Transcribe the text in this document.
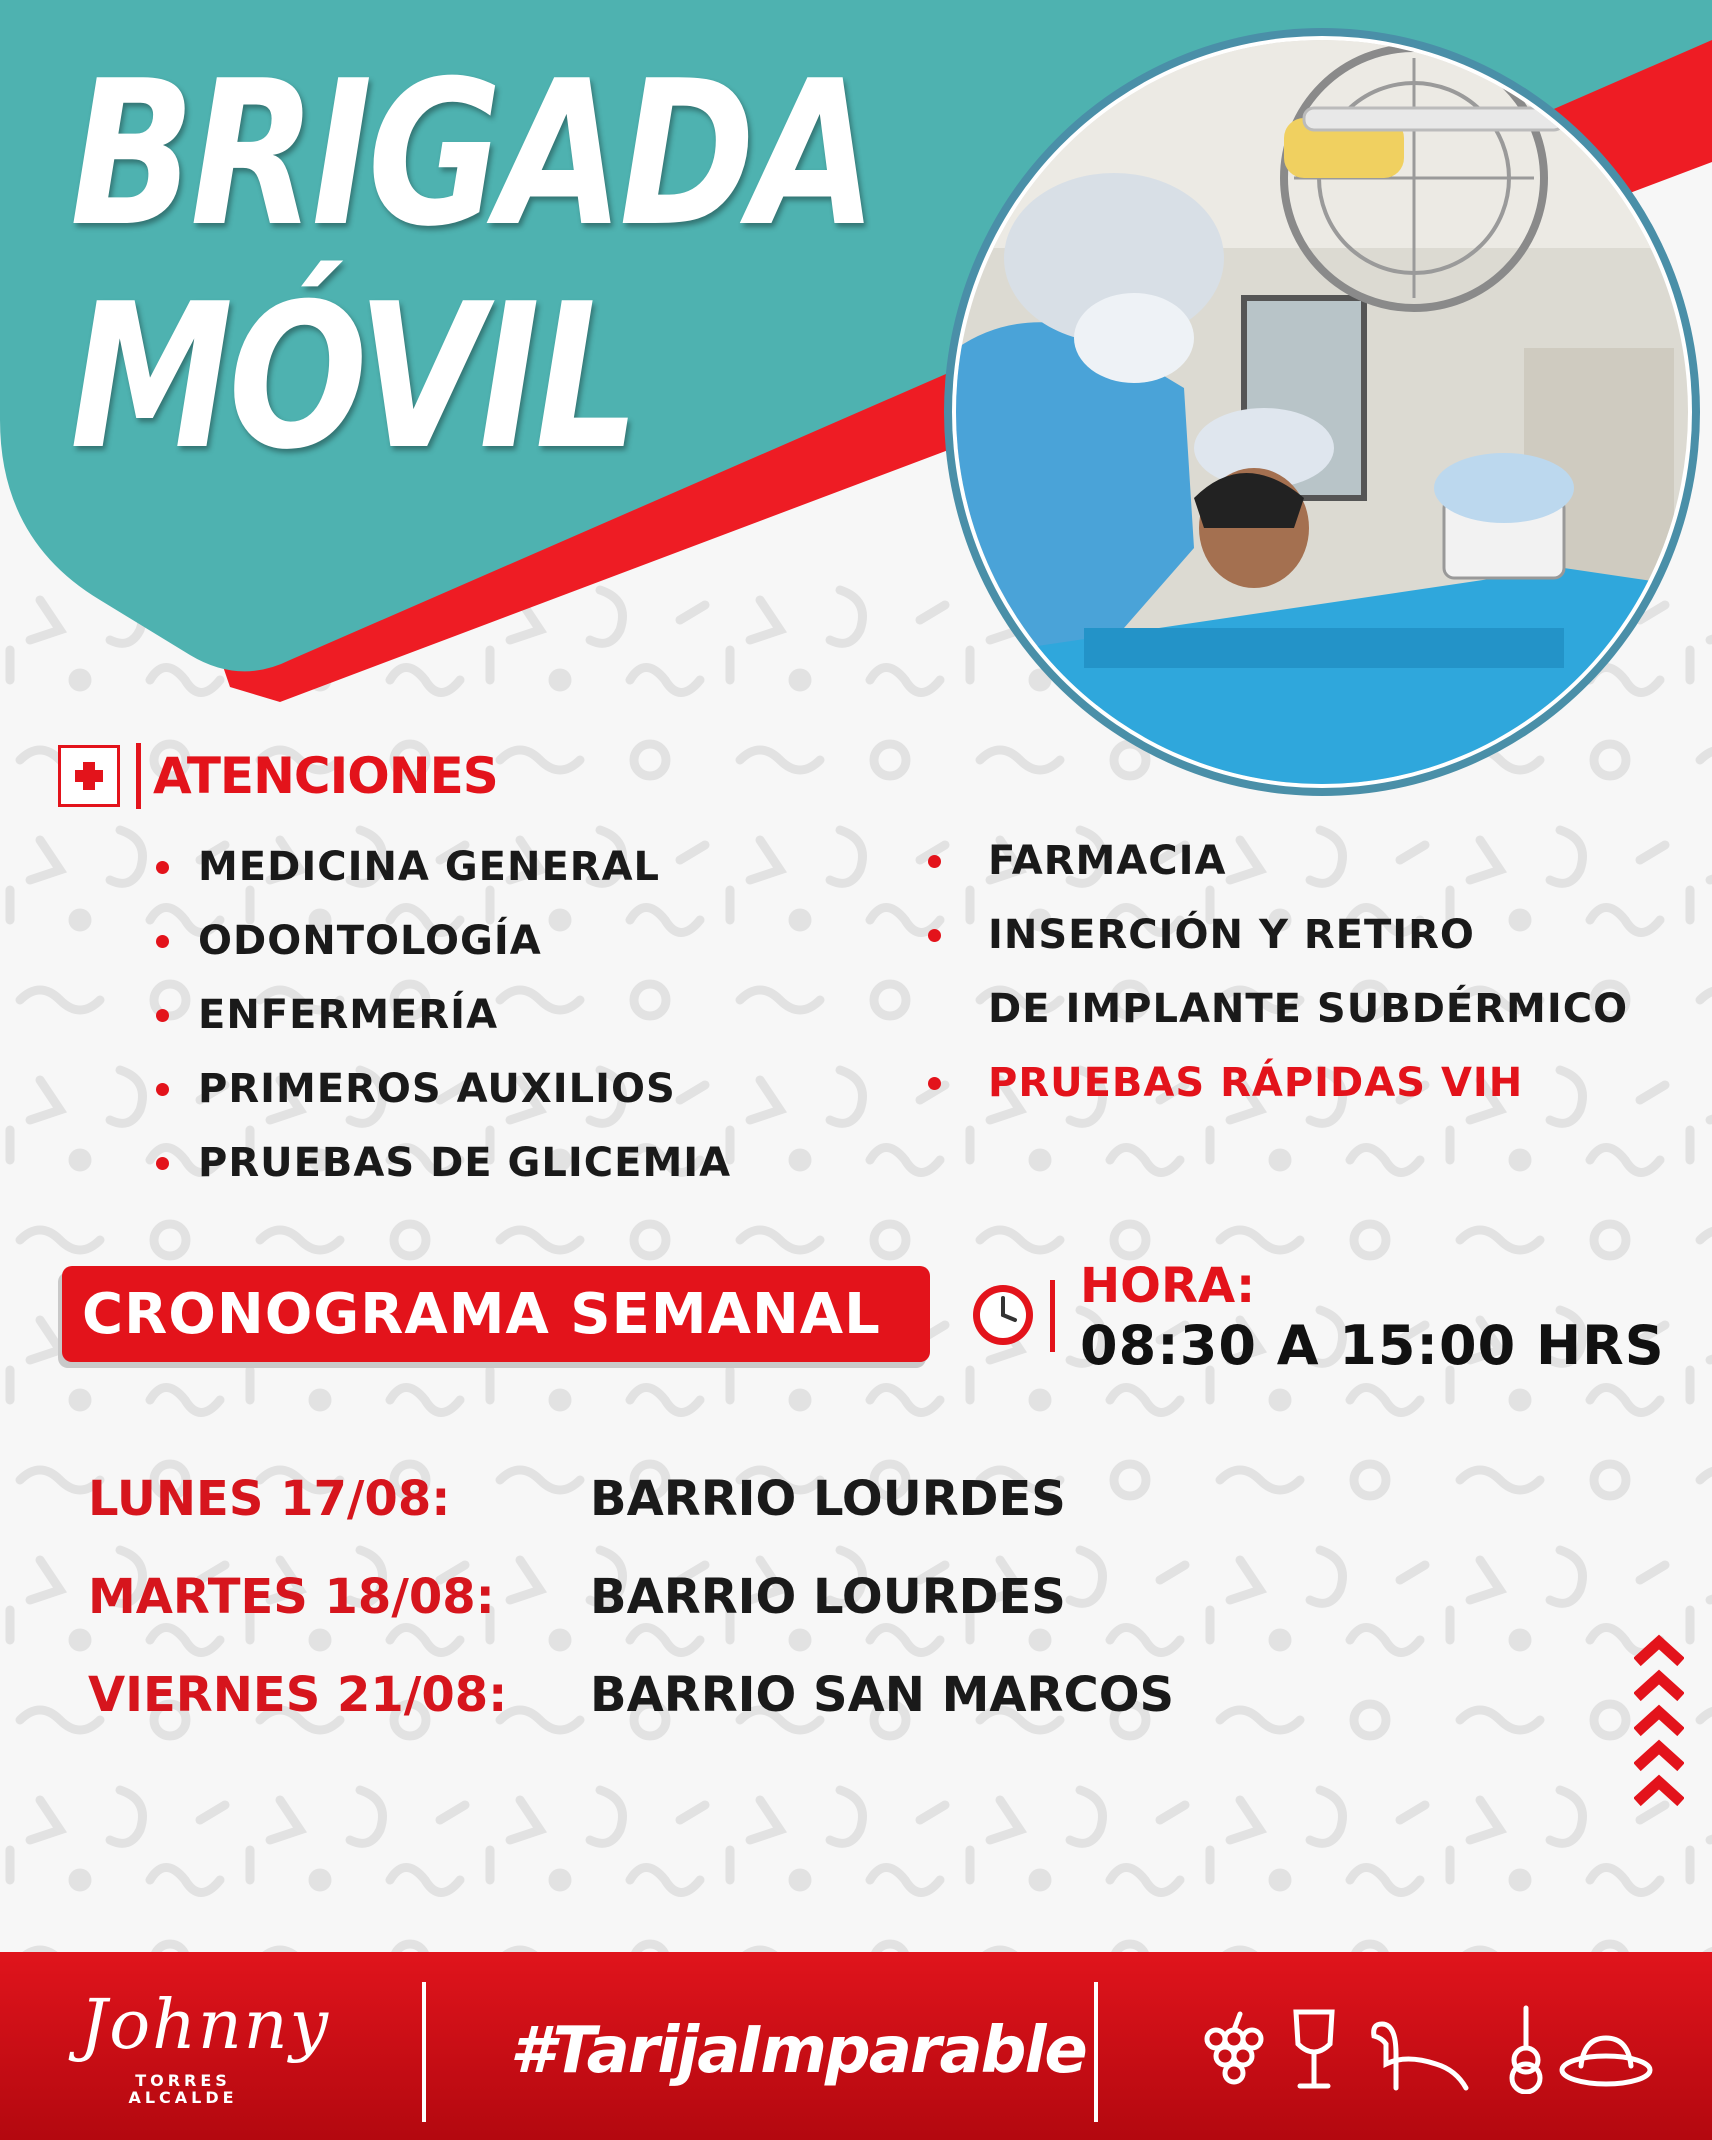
BRIGADA
MÓVIL
ATENCIONES
MEDICINA GENERAL
ODONTOLOGÍA
ENFERMERÍA
PRIMEROS AUXILIOS
PRUEBAS DE GLICEMIA
FARMACIA
INSERCIÓN Y RETIRO
DE IMPLANTE SUBDÉRMICO
PRUEBAS RÁPIDAS VIH
CRONOGRAMA SEMANAL	HORA:
08:30 A 15:00 HRS
LUNES 17/08:	BARRIO LOURDES
MARTES 18/08: BARRIO LOURDES
VIERNES 21/08: BARRIO SAN MARCOS
Johnny
TORRES
ALCALDE
#TarijaImparable
